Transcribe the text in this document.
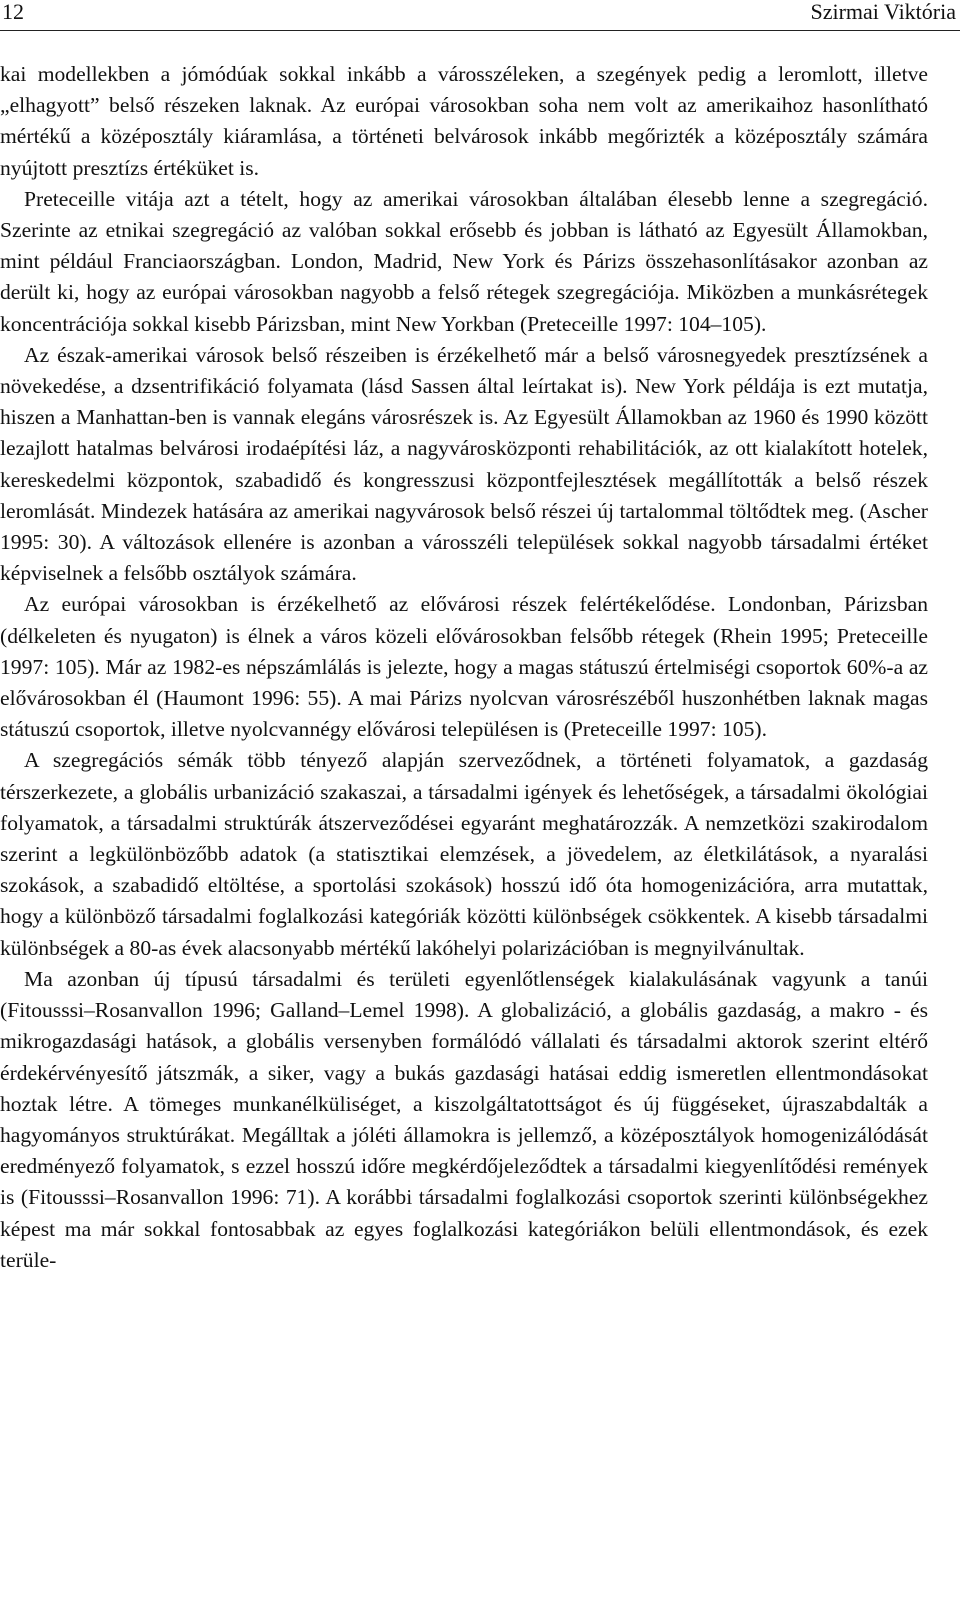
12	Szirmai Viktória

kai modellekben a jómódúak sokkal inkább a városszéleken, a szegények pedig a leromlott, illetve „elhagyott” belső részeken laknak. Az európai városokban soha nem volt az amerikaihoz hasonlítható mértékű a középosztály kiáramlása, a történeti belvárosok inkább megőrizték a középosztály számára nyújtott presztízs értéküket is.

Preteceille vitája azt a tételt, hogy az amerikai városokban általában élesebb lenne a szegregáció. Szerinte az etnikai szegregáció az valóban sokkal erősebb és jobban is látható az Egyesült Államokban, mint például Franciaországban. London, Madrid, New York és Párizs összehasonlításakor azonban az derült ki, hogy az európai városokban nagyobb a felső rétegek szegregációja. Miközben a munkásrétegek koncentrációja sokkal kisebb Párizsban, mint New Yorkban (Preteceille 1997: 104–105).

Az észak-amerikai városok belső részeiben is érzékelhető már a belső városnegyedek presztízsének a növekedése, a dzsentrifikáció folyamata (lásd Sassen által leírtakat is). New York példája is ezt mutatja, hiszen a Manhattan-ben is vannak elegáns városrészek is. Az Egyesült Államokban az 1960 és 1990 között lezajlott hatalmas belvárosi irodaépítési láz, a nagyvárosközponti rehabilitációk, az ott kialakított hotelek, kereskedelmi központok, szabadidő és kongresszusi központfejlesztések megállították a belső részek leromlását. Mindezek hatására az amerikai nagyvárosok belső részei új tartalommal töltődtek meg. (Ascher 1995: 30). A változások ellenére is azonban a városszéli települések sokkal nagyobb társadalmi értéket képviselnek a felsőbb osztályok számára.

Az európai városokban is érzékelhető az elővárosi részek felértékelődése. Londonban, Párizsban (délkeleten és nyugaton) is élnek a város közeli elővárosokban felsőbb rétegek (Rhein 1995; Preteceille 1997: 105). Már az 1982-es népszámlálás is jelezte, hogy a magas státuszú értelmiségi csoportok 60%-a az elővárosokban él (Haumont 1996: 55). A mai Párizs nyolcvan városrészéből huszonhétben laknak magas státuszú csoportok, illetve nyolcvannégy elővárosi településen is (Preteceille 1997: 105).

A szegregációs sémák több tényező alapján szerveződnek, a történeti folyamatok, a gazdaság térszerkezete, a globális urbanizáció szakaszai, a társadalmi igények és lehetőségek, a társadalmi ökológiai folyamatok, a társadalmi struktúrák átszerveződései egyaránt meghatározzák. A nemzetközi szakirodalom szerint a legkülönbözőbb adatok (a statisztikai elemzések, a jövedelem, az életkilátások, a nyaralási szokások, a szabadidő eltöltése, a sportolási szokások) hosszú idő óta homogenizációra, arra mutattak, hogy a különböző társadalmi foglalkozási kategóriák közötti különbségek csökkentek. A kisebb társadalmi különbségek a 80-as évek alacsonyabb mértékű lakóhelyi polarizációban is megnyilvánultak.

Ma azonban új típusú társadalmi és területi egyenlőtlenségek kialakulásának vagyunk a tanúi (Fitousssi–Rosanvallon 1996; Galland–Lemel 1998). A globalizáció, a globális gazdaság, a makro - és mikrogazdasági hatások, a globális versenyben formálódó vállalati és társadalmi aktorok szerint eltérő érdekérvényesítő játszmák, a siker, vagy a bukás gazdasági hatásai eddig ismeretlen ellentmondásokat hoztak létre. A tömeges munkanélküliséget, a kiszolgáltatottságot és új függéseket, újraszabdalták a hagyományos struktúrákat. Megálltak a jóléti államokra is jellemző, a középosztályok homogenizálódását eredményező folyamatok, s ezzel hosszú időre megkérdőjeleződtek a társadalmi kiegyenlítődési remények is (Fitousssi–Rosanvallon 1996: 71). A korábbi társadalmi foglalkozási csoportok szerinti különbségekhez képest ma már sokkal fontosabbak az egyes foglalkozási kategóriákon belüli ellentmondások, és ezek terüle-
